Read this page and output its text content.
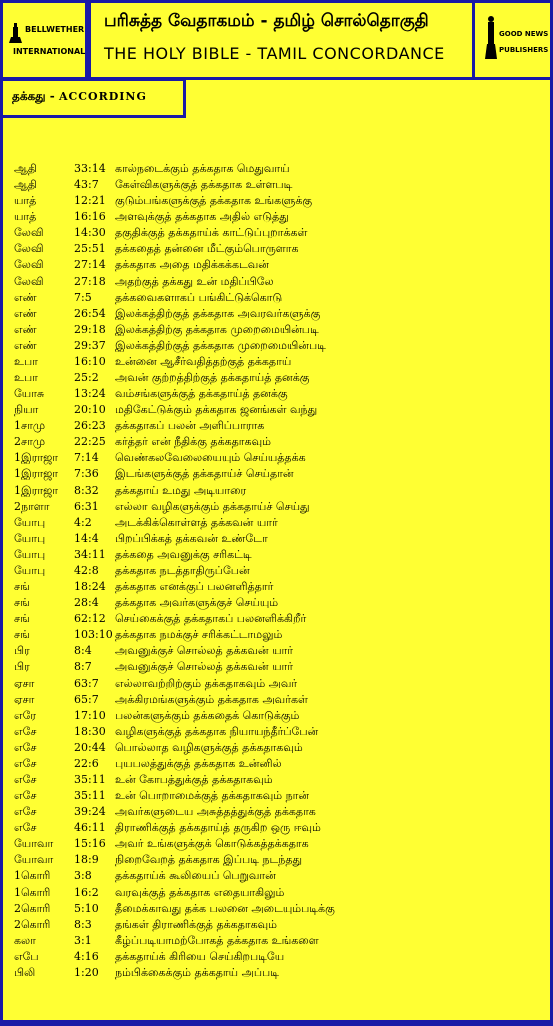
BELLWETHER
INTERNATIONAL
பரிசுத்த வேதாகமம் - தமிழ் சொல்தொகுதி
THE HOLY BIBLE - TAMIL CONCORDANCE
GOOD NEWS
PUBLISHERS
தக்கது - ACCORDING
ஆதி	33:14 கால்நடைக்கும் தக்கதாக மெதுவாய்
ஆதி	43:7	கேள்விகளுக்குத் தக்கதாக உள்ளபடி
யாத்	12:21 குடும்பங்களுக்குத் தக்கதாக உங்களுக்கு
யாத்	16:16 அளவுக்குத் தக்கதாக அதில் எடுத்து
லேவி	14:30 தகுதிக்குத் தக்கதாய்க் காட்டுப்புறாக்கள்
லேவி	25:51 தக்கதைத் தன்னை மீட்கும்பொருளாக
லேவி	27:14 தக்கதாக அதை மதிக்கக்கடவன்
லேவி	27:18 அதற்குத் தக்கது உன் மதிப்பிலே
எண்	7:5	தக்கவைகளாகப் பங்கிட்டுக்கொடு
எண்	26:54 இலக்கத்திற்குத் தக்கதாக அவரவர்களுக்கு
எண்	29:18 இலக்கத்திற்கு தக்கதாக முறைமையின்படி
எண்	29:37 இலக்கத்திற்குத் தக்கதாக முறைமையின்படி
உபா	16:10 உன்னை ஆசீர்வதித்தற்குத் தக்கதாய்
உபா	25:2	அவன் குற்றத்திற்குத் தக்கதாய்த் தனக்கு
யோசு	13:24 வம்சங்களுக்குத் தக்கதாய்த் தனக்கு
நியா	20:10 மதிகேட்டுக்கும் தக்கதாக ஜனங்கள் வந்து
1சாமு	26:23 தக்கதாகப் பலன் அளிப்பாராக
2சாமு	22:25 கர்த்தர் என் நீதிக்கு தக்கதாகவும்
1இராஜா	7:14	வெண்கலவேலையையும் செய்யத்தக்க
1இராஜா	7:36	இடங்களுக்குத் தக்கதாய்ச் செய்தான்
1இராஜா	8:32	தக்கதாய் உமது அடியாரை
2நாளா	6:31	எல்லா வழிகளுக்கும் தக்கதாய்ச் செய்து
யோபு	4:2	அடக்கிக்கொள்ளத் தக்கவன் யார்
யோபு	14:4	பிறப்பிக்கத் தக்கவன் உண்டோ
யோபு	34:11 தக்கதை அவனுக்கு சரிகட்டி
யோபு	42:8	தக்கதாக நடத்தாதிருப்பேன்
சங்	18:24 தக்கதாக எனக்குப் பலனளித்தார்
சங்	28:4	தக்கதாக அவர்களுக்குச் செய்யும்
சங்	62:12 செய்கைக்குத் தக்கதாகப் பலனளிக்கிறீர்
சங்	103:10 தக்கதாக நமக்குச் சரிக்கட்டாமலும்
பிர	8:4	அவனுக்குச் சொல்லத் தக்கவன் யார்
பிர	8:7	அவனுக்குச் சொல்லத் தக்கவன் யார்
ஏசா	63:7	எல்லாவற்றிற்கும் தக்கதாகவும் அவர்
ஏசா	65:7	அக்கிரமங்களுக்கும் தக்கதாக அவர்கள்
எரே	17:10 பலன்களுக்கும் தக்கதைக் கொடுக்கும்
எசே	18:30 வழிகளுக்குத் தக்கதாக நியாயந்தீர்ப்பேன்
எசே	20:44 பொல்லாத வழிகளுக்குத் தக்கதாகவும்
எசே	22:6	புயபலத்துக்குத் தக்கதாக உன்னில்
எசே	35:11 உன் கோபத்துக்குத் தக்கதாகவும்
எசே	35:11 உன் பொறாமைக்குத் தக்கதாகவும் நான்
எசே	39:24 அவர்களுடைய அசுத்தத்துக்குத் தக்கதாக
எசே	46:11 திராணிக்குத் தக்கதாய்த் தருகிற ஒரு ஈவும்
யோவா	15:16 அவர் உங்களுக்குக் கொடுக்கத்தக்கதாக
யோவா	18:9	நிறைவேறத் தக்கதாக இப்படி நடந்தது
1கொரி	3:8	தக்கதாய்க் கூலியைப் பெறுவான்
1கொரி	16:2	வரவுக்குத் தக்கதாக எதையாகிலும்
2கொரி	5:10	தீமைக்காவது தக்க பலனை அடையும்படிக்கு
2கொரி	8:3	தங்கள் திராணிக்குத் தக்கதாகவும்
கலா	3:1	கீழ்ப்படியாமற்போகத் தக்கதாக உங்களை
எபே	4:16	தக்கதாய்க் கிரியை செய்கிறபடியே
பிலி	1:20	நம்பிக்கைக்கும் தக்கதாய் அப்படி
